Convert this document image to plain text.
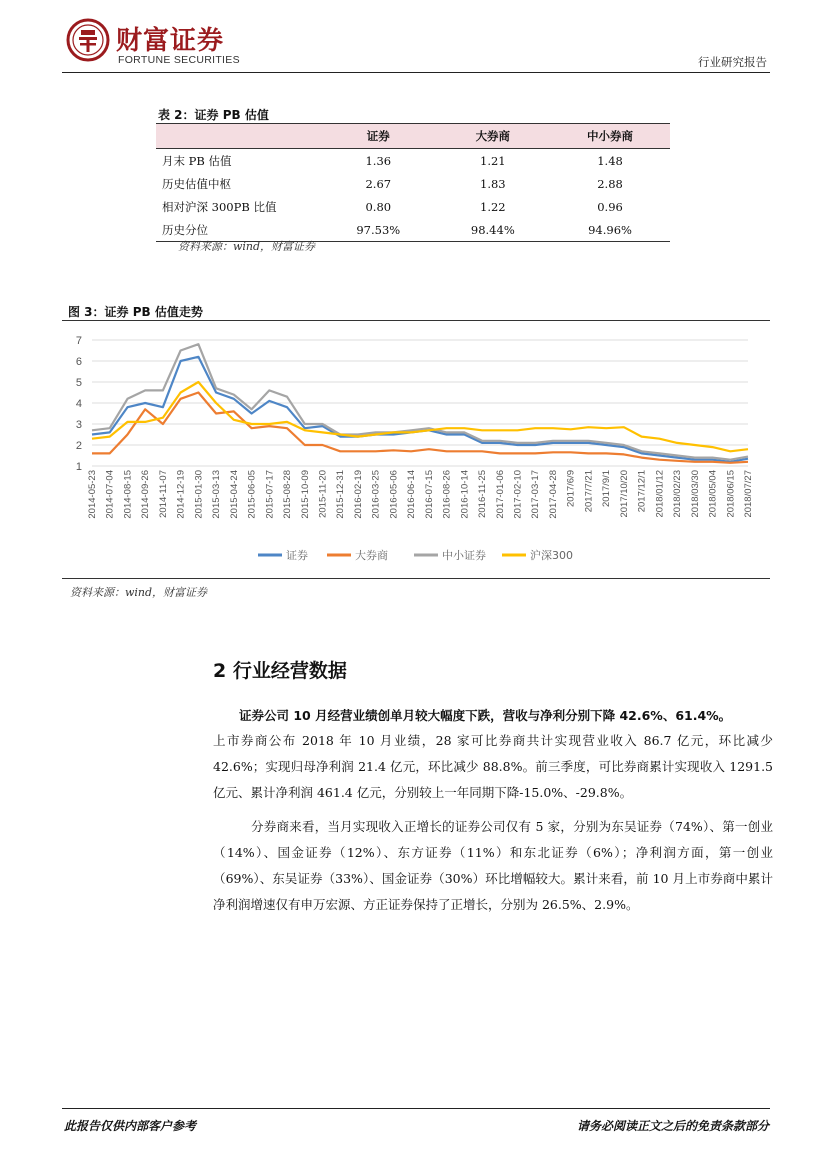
财富证券
FORTUNE SECURITIES	行业研究报告
表 2：证券 PB 估值
	证券	大券商	中小券商
月末 PB 估值	1.36	1.21	1.48
历史估值中枢	2.67	1.83	2.88
相对沪深 300PB 比值	0.80	1.22	0.96
历史分位	97.53%	98.44%	94.96%
资料来源：wind，财富证券
图 3：证券 PB 估值走势
1
2
3
4
5
6
7
2014-05-23 2014-07-04 2014-08-15 2014-09-26 2014-11-07 2014-12-19 2015-01-30 2015-03-13 2015-04-24 2015-06-05 2015-07-17 2015-08-28 2015-10-09 2015-11-20 2015-12-31 2016-02-19 2016-03-25 2016-05-06 2016-06-14 2016-07-15 2016-08-26 2016-10-14 2016-11-25 2017-01-06 2017-02-10 2017-03-17 2017-04-28 2017/6/9 2017/7/21 2017/9/1 2017/10/20 2017/12/1 2018/01/12 2018/02/23 2018/03/30 2018/05/04 2018/06/15 2018/07/27
证券	大券商	中小证券	沪深300
资料来源：wind，财富证券
2 行业经营数据
证券公司 10 月经营业绩创单月较大幅度下跌，营收与净利分别下降 42.6%、61.4%。
上市券商公布 2018 年 10 月业绩，28 家可比券商共计实现营业收入 86.7 亿元，环比减少 42.6%；实现归母净利润 21.4 亿元，环比减少 88.8%。前三季度，可比券商累计实现收入 1291.5 亿元、累计净利润 461.4 亿元，分别较上一年同期下降-15.0%、-29.8%。
分券商来看，当月实现收入正增长的证券公司仅有 5 家，分别为东吴证券（74%）、第一创业（14%）、国金证券（12%）、东方证券（11%）和东北证券（6%）；净利润方面，第一创业（69%）、东吴证券（33%）、国金证券（30%）环比增幅较大。累计来看，前 10 月上市券商中累计净利润增速仅有申万宏源、方正证券保持了正增长，分别为 26.5%、2.9%。
此报告仅供内部客户参考	请务必阅读正文之后的免责条款部分
